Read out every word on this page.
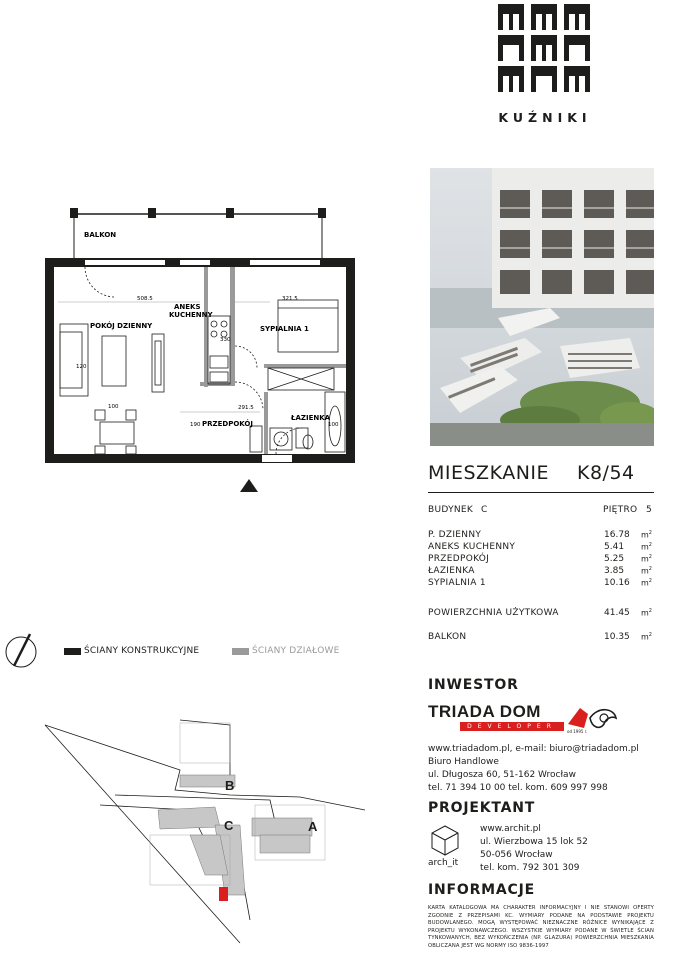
KUŹNIKI
BALKON
POKÓJ DZIENNY
ANEKS
KUCHENNY
SYPIALNIA 1
ŁAZIENKA
PRZEDPOKÓJ
508.5	321.5
291.5
330
120
100
190	100
MIESZKANIE K8/54
BUDYNEK C	PIĘTRO 5
P. DZIENNY	16.78 $m^2$
ANEKS KUCHENNY	5.41 $m^2$
PRZEDPOKÓJ	5.25 $m^2$
ŁAZIENKA	3.85 $m^2$
SYPIALNIA 1	10.16 $m^2$
POWIERZCHNIA UŻYTKOWA	41.45 $m^2$
BALKON	10.35 $m^2$
ŚCIANY KONSTRUKCYJNE	ŚCIANY DZIAŁOWE
B
C	A
INWESTOR
TRIADA DOM
DEVELOPER
od 1995 r.
www.triadadom.pl, e-mail: biuro@triadadom.pl
Biuro Handlowe
ul. Długosza 60, 51-162 Wrocław
tel. 71 394 10 00 tel. kom. 609 997 998
PROJEKTANT
arch_it
www.archit.pl
ul. Wierzbowa 15 lok 52
50-056 Wrocław
tel. kom. 792 301 309
INFORMACJE
KARTA KATALOGOWA MA CHARAKTER INFORMACYJNY I NIE STANOWI OFERTY ZGODNIE Z PRZEPISAMI KC. WYMIARY PODANE NA PODSTAWIE PROJEKTU BUDOWLANEGO. MOGĄ WYSTĘPOWAĆ NIEZNACZNE RÓŻNICE WYNIKAJĄCE Z PROJEKTU WYKONAWCZEGO. WSZYSTKIE WYMIARY PODANE W ŚWIETLE ŚCIAN TYNKOWANYCH, BEZ WYKOŃCZENIA (NP. GLAZURA) POWIERZCHNIA MIESZKANIA OBLICZANA JEST WG NORMY ISO 9836-1997
